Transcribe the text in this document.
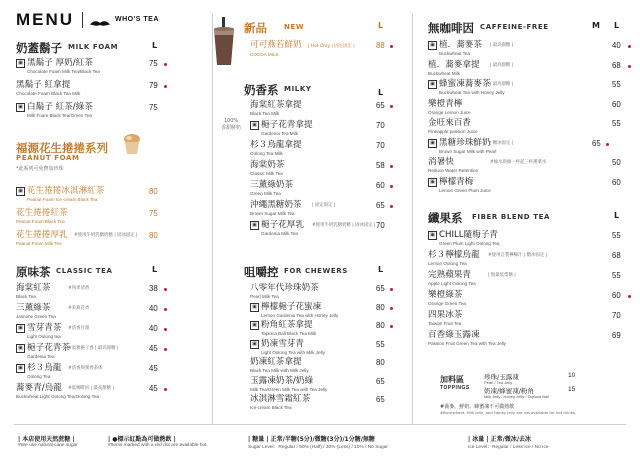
MENU	WHO'S TEA
奶蓋鬍子 MILK FOAM	L
▣ 黑鬍子 厚奶/紅茶
Chocolate Foam Milk Tea/Black Tea
75
黑鬍子 紅拿提
Chocolate Foam Black Tea Milk
79
▣ 白鬍子 紅茶/綠茶
Milk Foam Black Tea/Green Tea
75
福源花生捲捲系列
PEANUT FOAM
*此系列可免費加珍珠
▣ 花生捲捲冰淇淋紅茶
Peanut Foam Ice-cream Black Tea
80
花生捲捲紅茶
Peanut Foam Black Tea
75
花生捲捲厚乳
Peanut Foam Milk Tea
#使用牛奶乳糖奶精 | 固冰固定 | 80
原味茶 CLASSIC TEA	L
海棠紅茶
Black Tea
#熟果清香	38
三薰綠茶
Jasmine Green Tea
#茉莉花香	40
▣ 雪芽青茶
Light Oolong tea
#清香甘甜	40
▣ 梔子花青茶
Gardenia Tea
#高雅梔子香 | 最高甜糖 |	45
▣ 杉３烏龍
Oolong Tea
#清香與蜜香茶体	45
蕎麥青/烏龍
Buckwheat Light Oolong Tea/Oolong Tea
#低咖啡因 | 最高甜糖 |	45
新品 NEW	L
可可燕若鮮奶
COCOA MILK
| Hot Only | 固定固定 |	88
奶香系 MILKY	L
100%
香甜鮮奶
海棠紅茶拿提
Black Tea Milk
65
▣ 梔子花青拿提
Gardenia Tea Milk
70
杉３烏龍拿提
Oolong Tea Milk
70
海棠奶茶
Classic Milk Tea
58
三薰綠奶茶
Green Milk Tea
60
沖繩黑糖奶茶
Brown Sugar Milk Tea
| 固定固定 |	65
▣ 梔子花厚乳
Gardenia Milk Tea
#使用牛奶乳糖奶精 | 固冰固定 | 70
咀嚼控 FOR CHEWERS	L
八零年代珍珠奶茶
Pearl Milk Tea
65
▣ 檸檬梔子花蜜凍
Lemon Gardenia Tea with Honey Jelly
80
▣ 粉角紅茶拿提
Tapioca Ball Black Tea Milk
80
▣ 奶凍雪芽青
Light Oolong Tea with Milk Jelly
55
奶凍紅茶拿提
Black Tea Milk with Milk Jelly
80
玉露凍奶茶/奶綠
Milk Tea/Green Milk Tea with Tea Jelly
65
冰淇淋雪霜紅茶
Ice-cream Black Tea
65
無咖啡因 CAFFEINE-FREE	M L
▣ 植．蕎麥茶
Buckwheat Tea
| 最高甜糖 |	40
植．蕎麥拿提
Buckwheat Milk
| 最高甜糖 |	68
▣ 蜂蜜凍蕎麥茶
Buckwheat Tea with Honey Jelly
| 最高甜糖 |	55
樂橙青檸
Orange Lemon Juice
60
金旺來百香
Pineapple passion Juice
55
▣ 黑糖珍珠鮮奶
Brown Sugar Milk with Pearl
| 糖冰固定 |	65
消暑快
Reduce Water Retention
#綠水與綠一杯起三杯漢菜水	50
▣ 檸檬青梅
Lemon Green Plum Juice
60
纖果系 FIBER BLEND TEA	L
▣ CHILL隨梅子青
Green Plum Light Oolong Tea
55
杉３檸檬烏龍
Lemon Oolong Tea
#使用自製檸檬汁 | 糖冰固定 |	68
完熟蘋果青
Apple Light Oolong Tea
| 無最低梨糖 |	55
樂橙綠茶
Orange Green Tea
60
四果冰茶
Taiwan Fruit Tea
70
百香綠玉露凍
Passion Fruit Green Tea with Tea Jelly
69
加料區
TOPPINGS
珍珠/玉露凍
Pearl / Tea Jelly
10
奶凍/蜂蜜凍/粉角
Milk Jelly / Honey Jelly / Tapioca Ball
15
#蕎麥、鮮奶、蜂蜜凍不可做熱飲
#Buckwheat, Milk Jelly, and Honey Jelly are not available for hot drinks.
| 本店使用天然蔗糖 |
#We use natural cane sugar
| ●標示紅點為可做熱飲 |
#Items marked with a red dot are available hot.
| 糖量 | 正常/半糖(5分)/微糖(3分)/1分糖/無糖
Sugar Level：Regular / 50% (Half) / 30% (Less) / 10% / No Sugar
| 冰量 | 正常/微冰/去冰
Ice Level：Regular / Less Ice / No Ice
